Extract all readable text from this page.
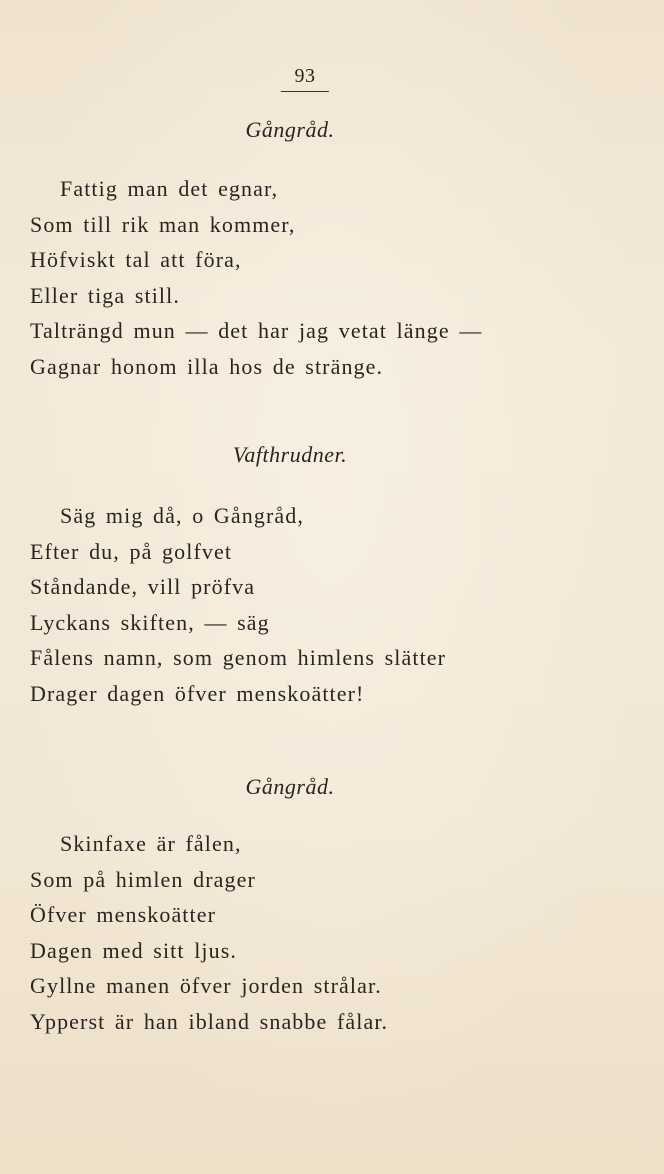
93
Gångråd.
Fattig man det egnar,
Som till rik man kommer,
Höfviskt tal att föra,
Eller tiga still.
Talträngd mun — det har jag vetat länge —
Gagnar honom illa hos de stränge.
Vafthrudner.
Säg mig då, o Gångråd,
Efter du, på golfvet
Ståndande, vill pröfva
Lyckans skiften, — säg
Fålens namn, som genom himlens slätter
Drager dagen öfver menskoätter!
Gångråd.
Skinfaxe är fålen,
Som på himlen drager
Öfver menskoätter
Dagen med sitt ljus.
Gyllne manen öfver jorden strålar.
Ypperst är han ibland snabbe fålar.
